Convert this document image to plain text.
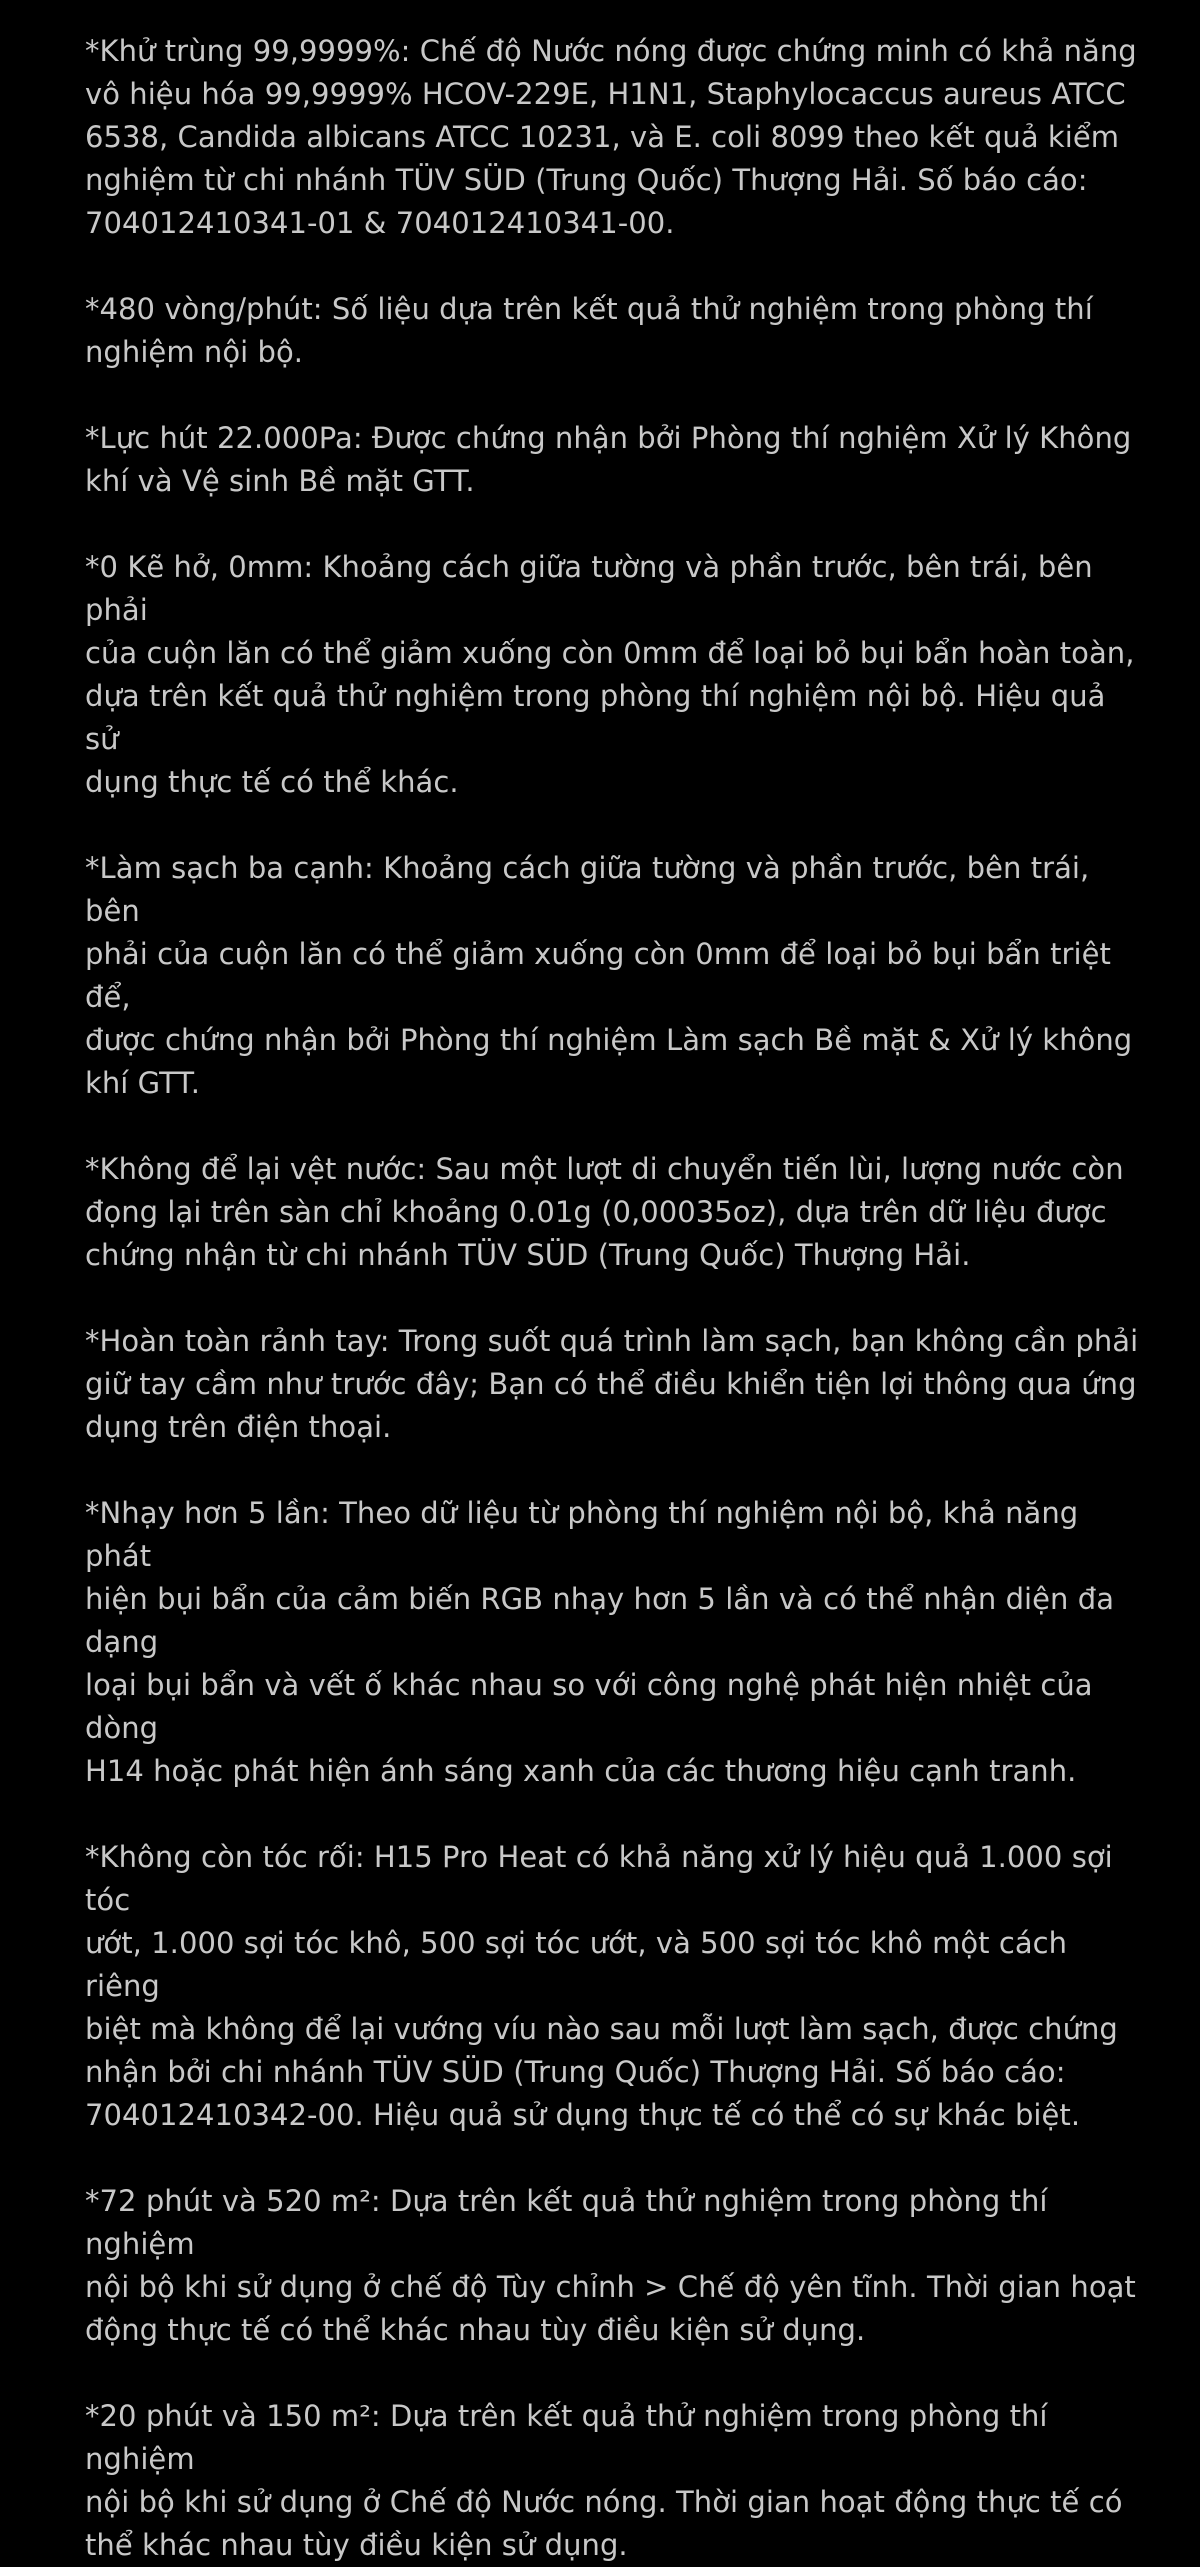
*Khử trùng 99,9999%: Chế độ Nước nóng được chứng minh có khả năng
vô hiệu hóa 99,9999% HCOV-229E, H1N1, Staphylocaccus aureus ATCC
6538, Candida albicans ATCC 10231, và E. coli 8099 theo kết quả kiểm
nghiệm từ chi nhánh TÜV SÜD (Trung Quốc) Thượng Hải. Số báo cáo:
704012410341-01 & 704012410341-00.

*480 vòng/phút: Số liệu dựa trên kết quả thử nghiệm trong phòng thí
nghiệm nội bộ.

*Lực hút 22.000Pa: Được chứng nhận bởi Phòng thí nghiệm Xử lý Không
khí và Vệ sinh Bề mặt GTT.

*0 Kẽ hở, 0mm: Khoảng cách giữa tường và phần trước, bên trái, bên phải
của cuộn lăn có thể giảm xuống còn 0mm để loại bỏ bụi bẩn hoàn toàn,
dựa trên kết quả thử nghiệm trong phòng thí nghiệm nội bộ. Hiệu quả sử
dụng thực tế có thể khác.

*Làm sạch ba cạnh: Khoảng cách giữa tường và phần trước, bên trái, bên
phải của cuộn lăn có thể giảm xuống còn 0mm để loại bỏ bụi bẩn triệt để,
được chứng nhận bởi Phòng thí nghiệm Làm sạch Bề mặt & Xử lý không
khí GTT.

*Không để lại vệt nước: Sau một lượt di chuyển tiến lùi, lượng nước còn
đọng lại trên sàn chỉ khoảng 0.01g (0,00035oz), dựa trên dữ liệu được
chứng nhận từ chi nhánh TÜV SÜD (Trung Quốc) Thượng Hải.

*Hoàn toàn rảnh tay: Trong suốt quá trình làm sạch, bạn không cần phải
giữ tay cầm như trước đây; Bạn có thể điều khiển tiện lợi thông qua ứng
dụng trên điện thoại.

*Nhạy hơn 5 lần: Theo dữ liệu từ phòng thí nghiệm nội bộ, khả năng phát
hiện bụi bẩn của cảm biến RGB nhạy hơn 5 lần và có thể nhận diện đa dạng
loại bụi bẩn và vết ố khác nhau so với công nghệ phát hiện nhiệt của dòng
H14 hoặc phát hiện ánh sáng xanh của các thương hiệu cạnh tranh.

*Không còn tóc rối: H15 Pro Heat có khả năng xử lý hiệu quả 1.000 sợi tóc
ướt, 1.000 sợi tóc khô, 500 sợi tóc ướt, và 500 sợi tóc khô một cách riêng
biệt mà không để lại vướng víu nào sau mỗi lượt làm sạch, được chứng
nhận bởi chi nhánh TÜV SÜD (Trung Quốc) Thượng Hải. Số báo cáo:
704012410342-00. Hiệu quả sử dụng thực tế có thể có sự khác biệt.

*72 phút và 520 m²: Dựa trên kết quả thử nghiệm trong phòng thí nghiệm
nội bộ khi sử dụng ở chế độ Tùy chỉnh > Chế độ yên tĩnh. Thời gian hoạt
động thực tế có thể khác nhau tùy điều kiện sử dụng.

*20 phút và 150 m²: Dựa trên kết quả thử nghiệm trong phòng thí nghiệm
nội bộ khi sử dụng ở Chế độ Nước nóng. Thời gian hoạt động thực tế có
thể khác nhau tùy điều kiện sử dụng.
